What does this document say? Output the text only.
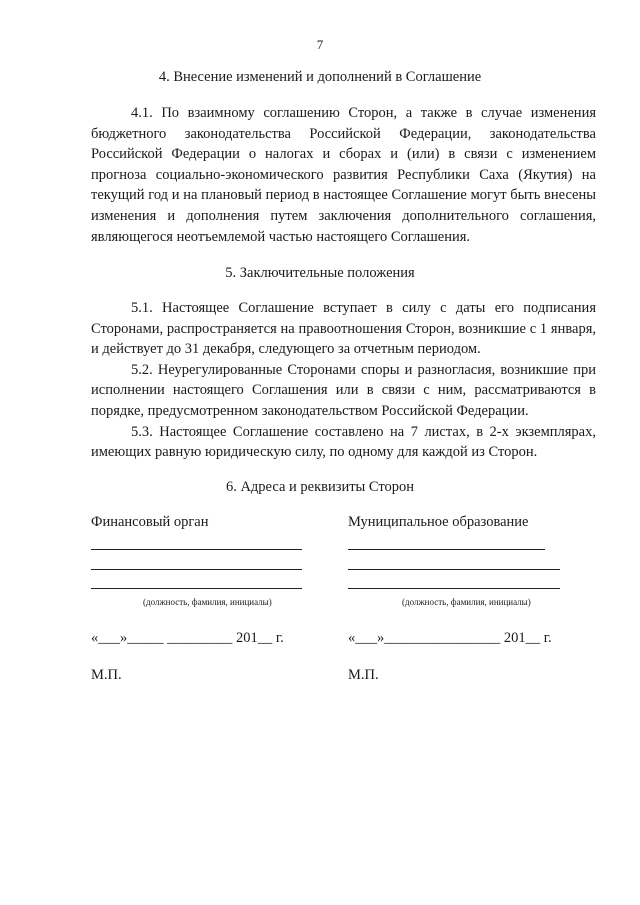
7
4. Внесение изменений и дополнений в Соглашение

4.1. По взаимному соглашению Сторон, а также в случае изменения бюджетного законодательства Российской Федерации, законодательства Российской Федерации о налогах и сборах и (или) в связи с изменением прогноза социально-экономического развития Республики Саха (Якутия) на текущий год и на плановый период в настоящее Соглашение могут быть внесены изменения и дополнения путем заключения дополнительного соглашения, являющегося неотъемлемой частью настоящего Соглашения.

5. Заключительные положения

5.1. Настоящее Соглашение вступает в силу с даты его подписания Сторонами, распространяется на правоотношения Сторон, возникшие с 1 января, и действует до 31 декабря, следующего за отчетным периодом.

5.2. Неурегулированные Сторонами споры и разногласия, возникшие при исполнении настоящего Соглашения или в связи с ним, рассматриваются в порядке, предусмотренном законодательством Российской Федерации.

5.3. Настоящее Соглашение составлено на 7 листах, в 2-х экземплярах, имеющих равную юридическую силу, по одному для каждой из Сторон.

6. Адреса и реквизиты Сторон
Финансовый орган
(должность, фамилия, инициалы)
«___»_____ _________ 201__ г.
М.П.
Муниципальное образование
(должность, фамилия, инициалы)
«___»________________ 201__ г.
М.П.
